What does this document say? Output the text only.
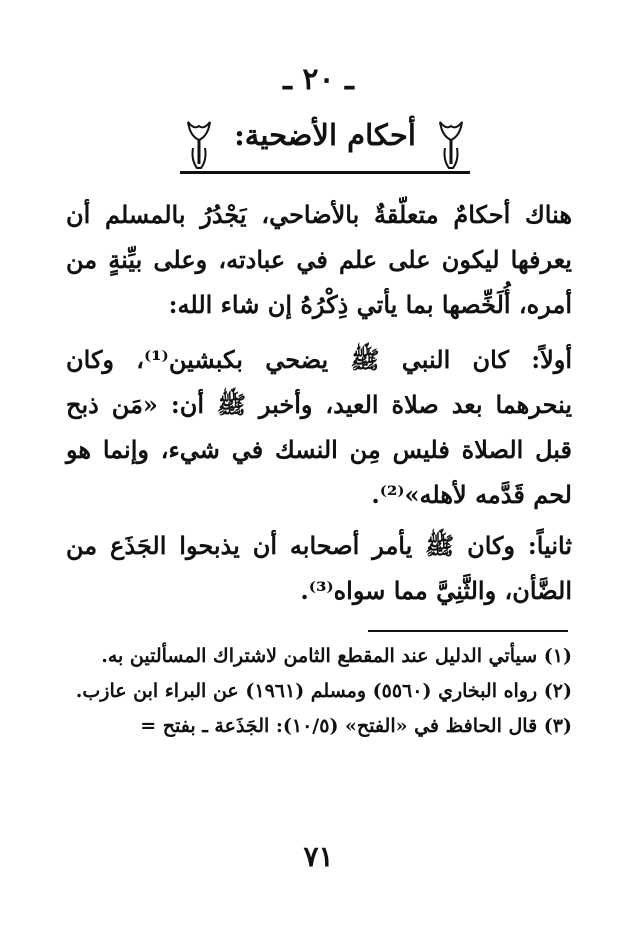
ـ ٢٠ ـ
أحكام الأضحية:
هناك أحكامٌ متعلّقةٌ بالأضاحي، يَجْدُرُ بالمسلم أن يعرفها ليكون على علم في عبادته، وعلى بيِّنةٍ من أمره، أُلَخِّصها بما يأتي ذِكْرُهُ إن شاء الله:
أولاً: كان النبي ﷺ يضحي بكبشين⁽¹⁾، وكان ينحرهما بعد صلاة العيد، وأخبر ﷺ أن: «مَن ذبح قبل الصلاة فليس مِن النسك في شيء، وإنما هو لحم قَدَّمه لأهله»⁽²⁾.
ثانياً: وكان ﷺ يأمر أصحابه أن يذبحوا الجَذَع من الضَّأن، والثَّنِيَّ مما سواه⁽³⁾.
(١) سيأتي الدليل عند المقطع الثامن لاشتراك المسألتين به.
(٢) رواه البخاري (٥٥٦٠) ومسلم (١٩٦١) عن البراء ابن عازب.
(٣) قال الحافظ في «الفتح» (١٠/٥): الجَذَعة ـ بفتح =
٧١
